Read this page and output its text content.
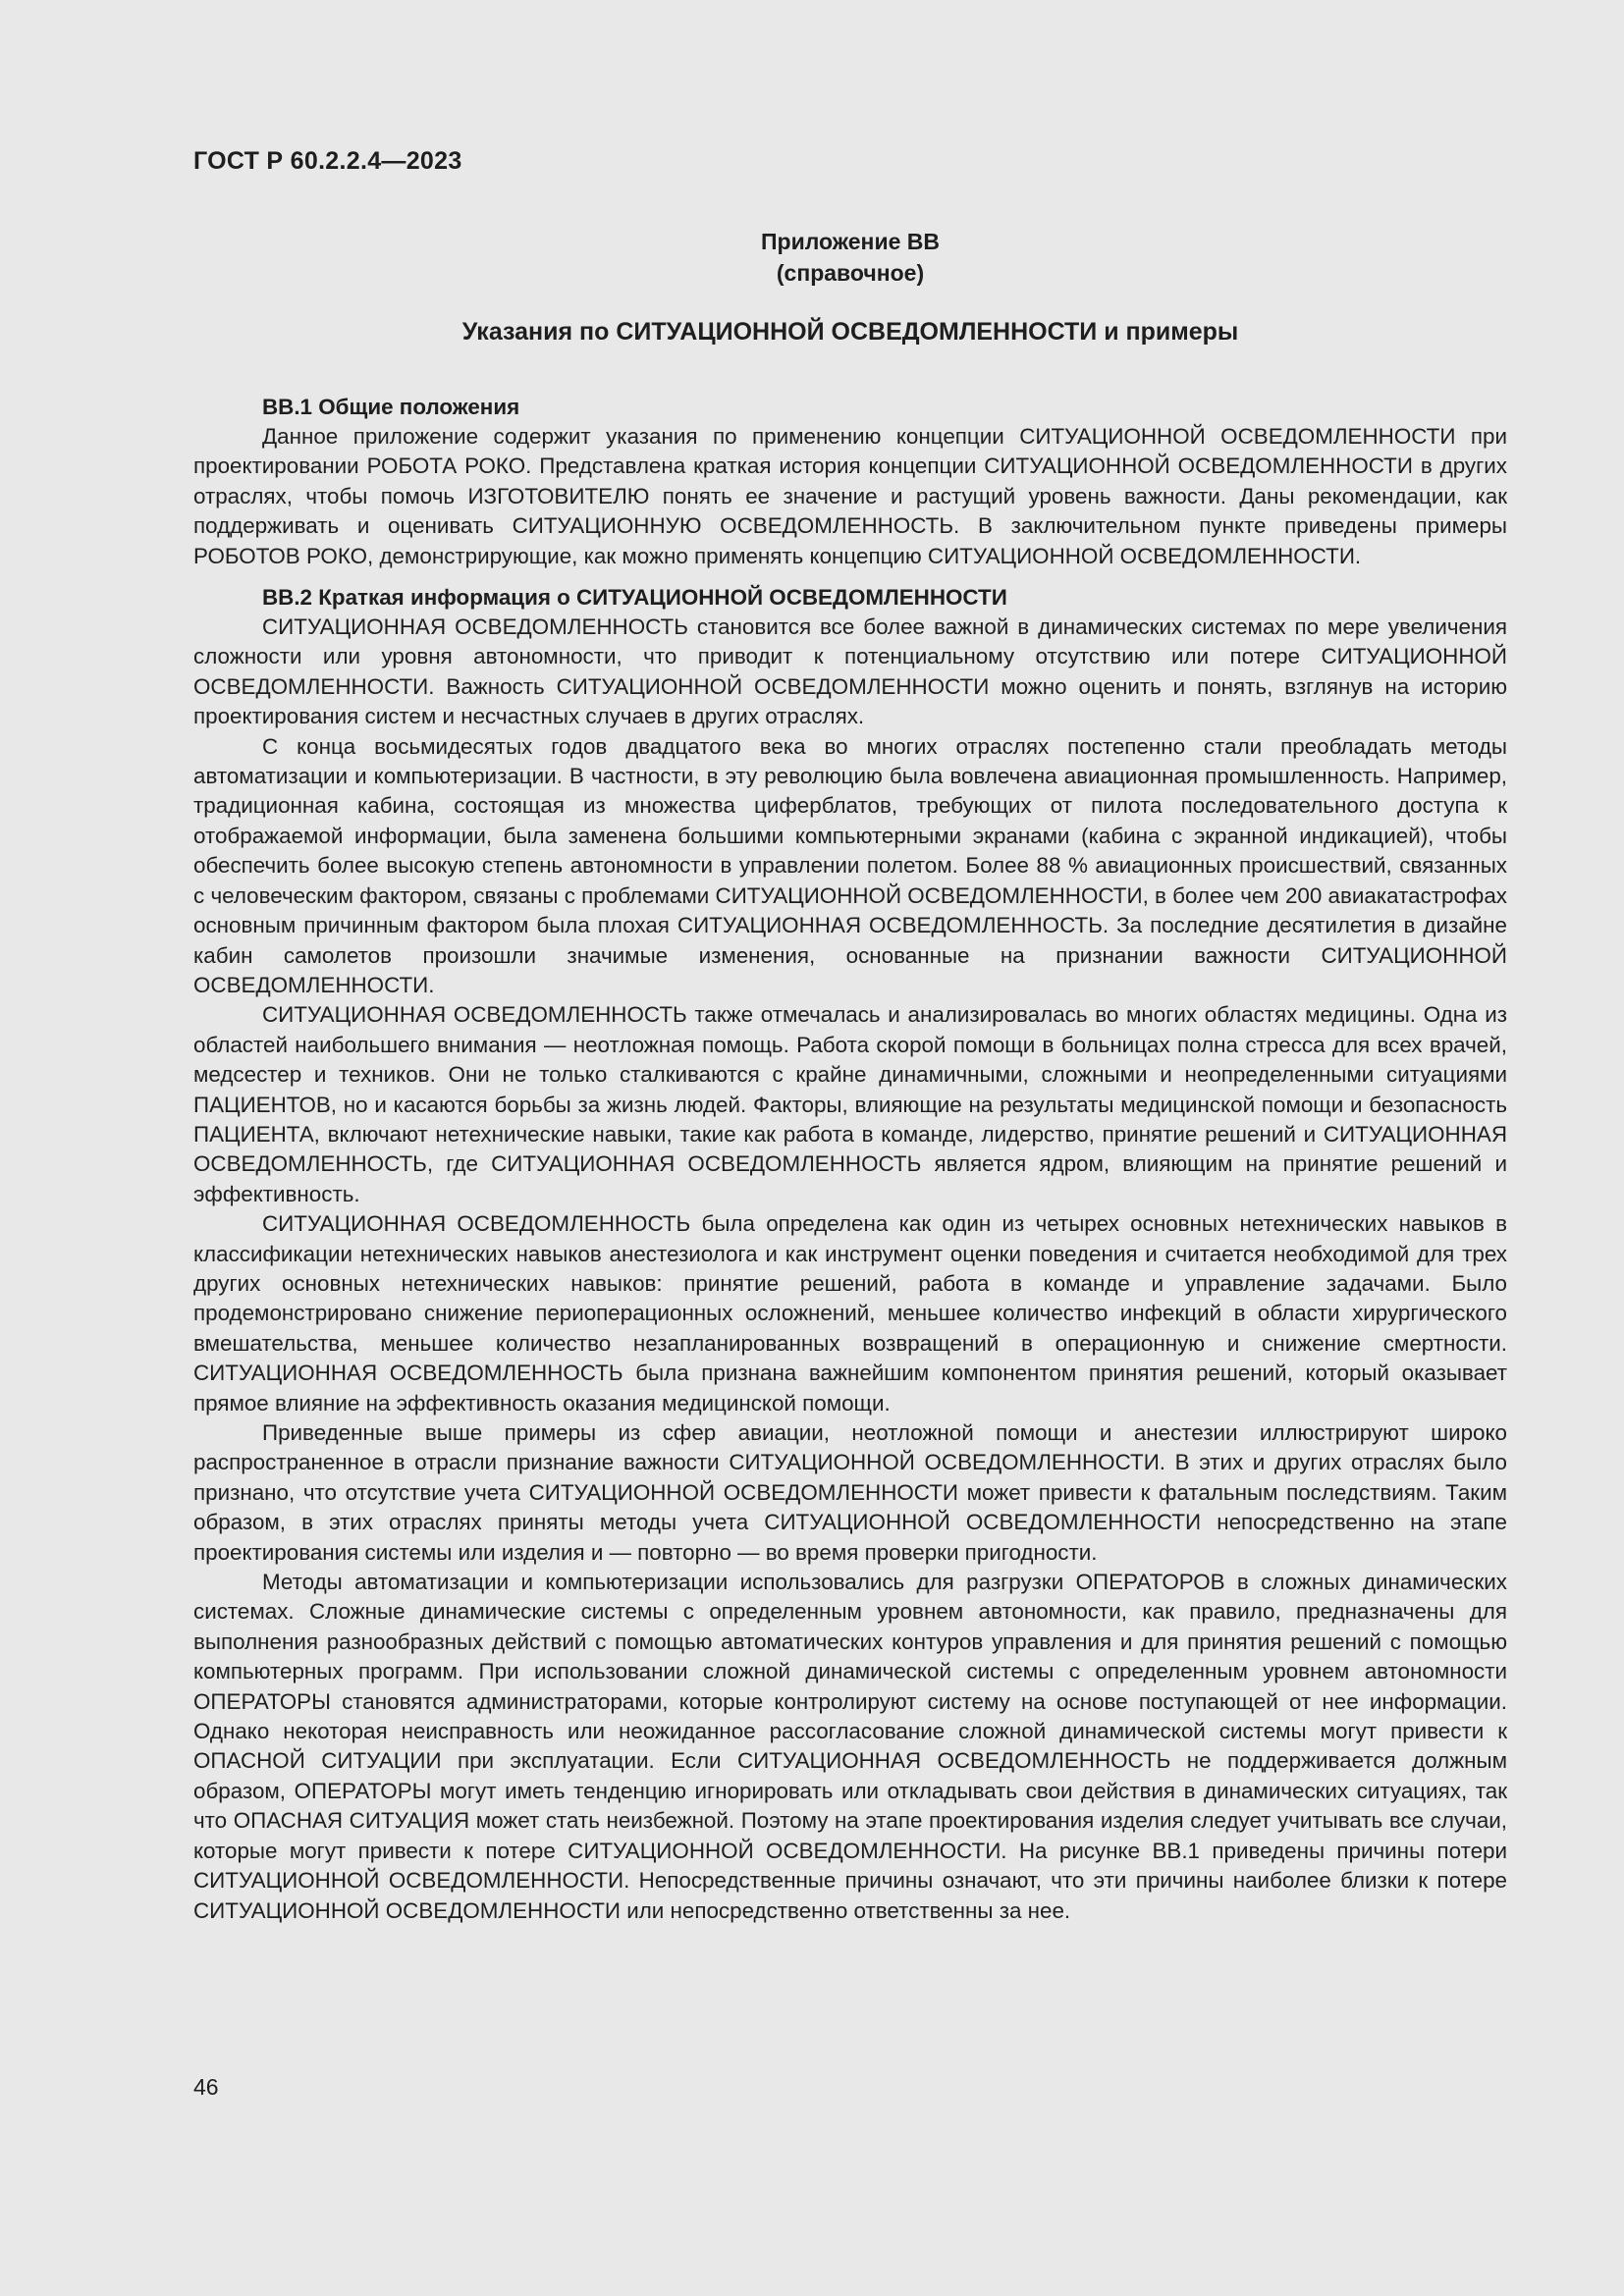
ГОСТ Р 60.2.2.4—2023
Приложение ВВ
(справочное)
Указания по СИТУАЦИОННОЙ ОСВЕДОМЛЕННОСТИ и примеры
ВВ.1 Общие положения

Данное приложение содержит указания по применению концепции СИТУАЦИОННОЙ ОСВЕДОМЛЕННОСТИ при проектировании РОБОТА РОКО. Представлена краткая история концепции СИТУАЦИОННОЙ ОСВЕДОМЛЕННОСТИ в других отраслях, чтобы помочь ИЗГОТОВИТЕЛЮ понять ее значение и растущий уровень важности. Даны рекомендации, как поддерживать и оценивать СИТУАЦИОННУЮ ОСВЕДОМЛЕННОСТЬ. В заключительном пункте приведены примеры РОБОТОВ РОКО, демонстрирующие, как можно применять концепцию СИТУАЦИОННОЙ ОСВЕДОМЛЕННОСТИ.

ВВ.2 Краткая информация о СИТУАЦИОННОЙ ОСВЕДОМЛЕННОСТИ

СИТУАЦИОННАЯ ОСВЕДОМЛЕННОСТЬ становится все более важной в динамических системах по мере увеличения сложности или уровня автономности, что приводит к потенциальному отсутствию или потере СИТУАЦИОННОЙ ОСВЕДОМЛЕННОСТИ. Важность СИТУАЦИОННОЙ ОСВЕДОМЛЕННОСТИ можно оценить и понять, взглянув на историю проектирования систем и несчастных случаев в других отраслях.

С конца восьмидесятых годов двадцатого века во многих отраслях постепенно стали преобладать методы автоматизации и компьютеризации. В частности, в эту революцию была вовлечена авиационная промышленность. Например, традиционная кабина, состоящая из множества циферблатов, требующих от пилота последовательного доступа к отображаемой информации, была заменена большими компьютерными экранами (кабина с экранной индикацией), чтобы обеспечить более высокую степень автономности в управлении полетом. Более 88 % авиационных происшествий, связанных с человеческим фактором, связаны с проблемами СИТУАЦИОННОЙ ОСВЕДОМЛЕННОСТИ, в более чем 200 авиакатастрофах основным причинным фактором была плохая СИТУАЦИОННАЯ ОСВЕДОМЛЕННОСТЬ. За последние десятилетия в дизайне кабин самолетов произошли значимые изменения, основанные на признании важности СИТУАЦИОННОЙ ОСВЕДОМЛЕННОСТИ.

СИТУАЦИОННАЯ ОСВЕДОМЛЕННОСТЬ также отмечалась и анализировалась во многих областях медицины. Одна из областей наибольшего внимания — неотложная помощь. Работа скорой помощи в больницах полна стресса для всех врачей, медсестер и техников. Они не только сталкиваются с крайне динамичными, сложными и неопределенными ситуациями ПАЦИЕНТОВ, но и касаются борьбы за жизнь людей. Факторы, влияющие на результаты медицинской помощи и безопасность ПАЦИЕНТА, включают нетехнические навыки, такие как работа в команде, лидерство, принятие решений и СИТУАЦИОННАЯ ОСВЕДОМЛЕННОСТЬ, где СИТУАЦИОННАЯ ОСВЕДОМЛЕННОСТЬ является ядром, влияющим на принятие решений и эффективность.

СИТУАЦИОННАЯ ОСВЕДОМЛЕННОСТЬ была определена как один из четырех основных нетехнических навыков в классификации нетехнических навыков анестезиолога и как инструмент оценки поведения и считается необходимой для трех других основных нетехнических навыков: принятие решений, работа в команде и управление задачами. Было продемонстрировано снижение периоперационных осложнений, меньшее количество инфекций в области хирургического вмешательства, меньшее количество незапланированных возвращений в операционную и снижение смертности. СИТУАЦИОННАЯ ОСВЕДОМЛЕННОСТЬ была признана важнейшим компонентом принятия решений, который оказывает прямое влияние на эффективность оказания медицинской помощи.

Приведенные выше примеры из сфер авиации, неотложной помощи и анестезии иллюстрируют широко распространенное в отрасли признание важности СИТУАЦИОННОЙ ОСВЕДОМЛЕННОСТИ. В этих и других отраслях было признано, что отсутствие учета СИТУАЦИОННОЙ ОСВЕДОМЛЕННОСТИ может привести к фатальным последствиям. Таким образом, в этих отраслях приняты методы учета СИТУАЦИОННОЙ ОСВЕДОМЛЕННОСТИ непосредственно на этапе проектирования системы или изделия и — повторно — во время проверки пригодности.

Методы автоматизации и компьютеризации использовались для разгрузки ОПЕРАТОРОВ в сложных динамических системах. Сложные динамические системы с определенным уровнем автономности, как правило, предназначены для выполнения разнообразных действий с помощью автоматических контуров управления и для принятия решений с помощью компьютерных программ. При использовании сложной динамической системы с определенным уровнем автономности ОПЕРАТОРЫ становятся администраторами, которые контролируют систему на основе поступающей от нее информации. Однако некоторая неисправность или неожиданное рассогласование сложной динамической системы могут привести к ОПАСНОЙ СИТУАЦИИ при эксплуатации. Если СИТУАЦИОННАЯ ОСВЕДОМЛЕННОСТЬ не поддерживается должным образом, ОПЕРАТОРЫ могут иметь тенденцию игнорировать или откладывать свои действия в динамических ситуациях, так что ОПАСНАЯ СИТУАЦИЯ может стать неизбежной. Поэтому на этапе проектирования изделия следует учитывать все случаи, которые могут привести к потере СИТУАЦИОННОЙ ОСВЕДОМЛЕННОСТИ. На рисунке ВВ.1 приведены причины потери СИТУАЦИОННОЙ ОСВЕДОМЛЕННОСТИ. Непосредственные причины означают, что эти причины наиболее близки к потере СИТУАЦИОННОЙ ОСВЕДОМЛЕННОСТИ или непосредственно ответственны за нее.

46
